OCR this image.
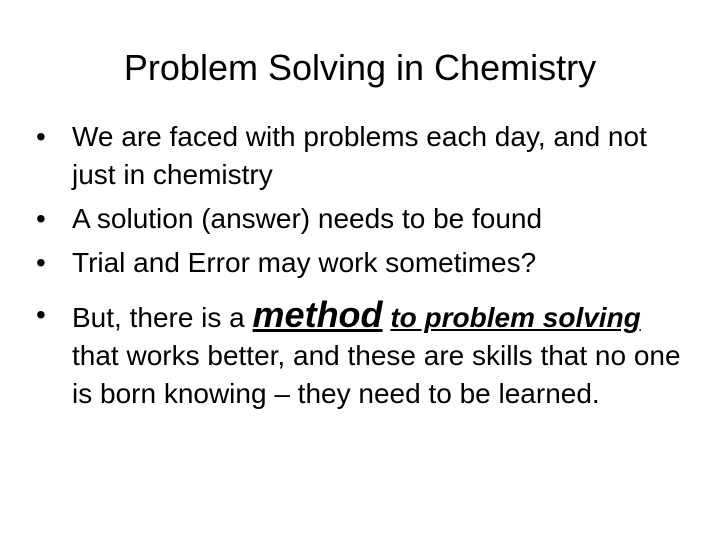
Problem Solving in Chemistry
• We are faced with problems each day, and not just in chemistry
• A solution (answer) needs to be found
• Trial and Error may work sometimes?
• But, there is a method to problem solving that works better, and these are skills that no one is born knowing – they need to be learned.
